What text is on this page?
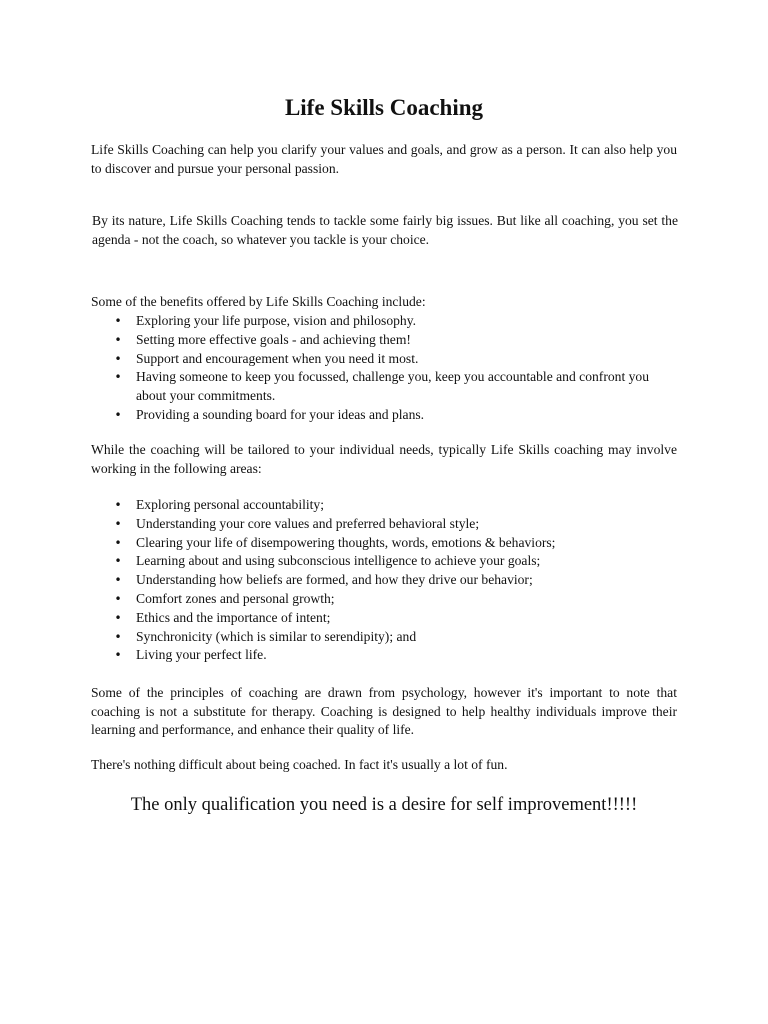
Life Skills Coaching

Life Skills Coaching can help you clarify your values and goals, and grow as a person. It can also help you to discover and pursue your personal passion.

By its nature, Life Skills Coaching tends to tackle some fairly big issues. But like all coaching, you set the agenda - not the coach, so whatever you tackle is your choice.

Some of the benefits offered by Life Skills Coaching include:

• Exploring your life purpose, vision and philosophy.
• Setting more effective goals - and achieving them!
• Support and encouragement when you need it most.
• Having someone to keep you focussed, challenge you, keep you accountable and confront you about your commitments.
• Providing a sounding board for your ideas and plans.

While the coaching will be tailored to your individual needs, typically Life Skills coaching may involve working in the following areas:

• Exploring personal accountability;
• Understanding your core values and preferred behavioral style;
• Clearing your life of disempowering thoughts, words, emotions & behaviors;
• Learning about and using subconscious intelligence to achieve your goals;
• Understanding how beliefs are formed, and how they drive our behavior;
• Comfort zones and personal growth;
• Ethics and the importance of intent;
• Synchronicity (which is similar to serendipity); and
• Living your perfect life.

Some of the principles of coaching are drawn from psychology, however it's important to note that coaching is not a substitute for therapy. Coaching is designed to help healthy individuals improve their learning and performance, and enhance their quality of life.

There's nothing difficult about being coached. In fact it's usually a lot of fun.

The only qualification you need is a desire for self improvement!!!!!
